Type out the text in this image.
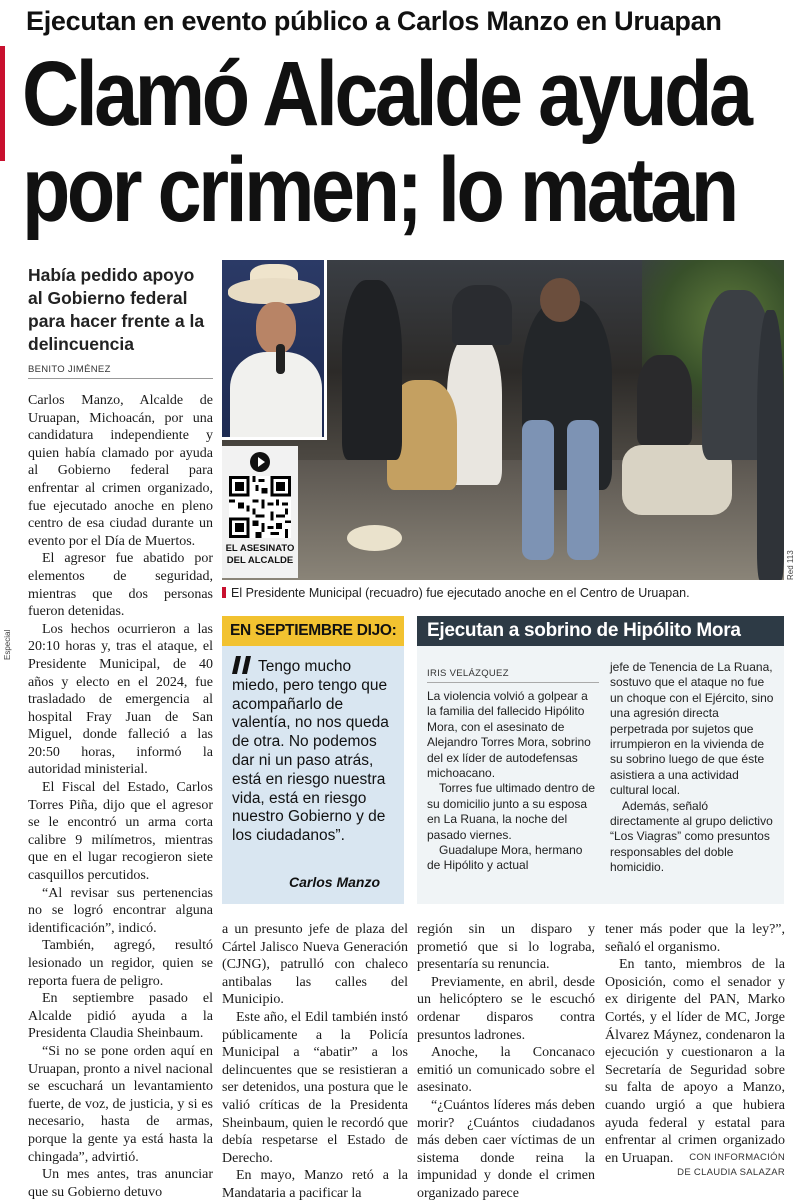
Ejecutan en evento público a Carlos Manzo en Uruapan
Clamó Alcalde ayuda
por crimen; lo matan
Había pedido apoyo al Gobierno federal para hacer frente a la delincuencia
BENITO JIMÉNEZ
Especial

Carlos Manzo, Alcalde de Uruapan, Michoacán, por una candidatura independiente y quien había clamado por ayuda al Gobierno federal para enfrentar al crimen organizado, fue ejecutado anoche en pleno centro de esa ciudad durante un evento por el Día de Muertos.

El agresor fue abatido por elementos de seguridad, mientras que dos personas fueron detenidas.

Los hechos ocurrieron a las 20:10 horas y, tras el ataque, el Presidente Municipal, de 40 años y electo en el 2024, fue trasladado de emergencia al hospital Fray Juan de San Miguel, donde falleció a las 20:50 horas, informó la autoridad ministerial.

El Fiscal del Estado, Carlos Torres Piña, dijo que el agresor se le encontró un arma corta calibre 9 milímetros, mientras que en el lugar recogieron siete casquillos percutidos.

“Al revisar sus pertenencias no se logró encontrar alguna identificación”, indicó.

También, agregó, resultó lesionado un regidor, quien se reporta fuera de peligro.

En septiembre pasado el Alcalde pidió ayuda a la Presidenta Claudia Sheinbaum.

“Si no se pone orden aquí en Uruapan, pronto a nivel nacional se escuchará un levantamiento fuerte, de voz, de justicia, y si es necesario, hasta de armas, porque la gente ya está hasta la chingada”, advirtió.

Un mes antes, tras anunciar que su Gobierno detuvo

EL ASESINATO DEL ALCALDE	Red 113
El Presidente Municipal (recuadro) fue ejecutado anoche en el Centro de Uruapan.
EN SEPTIEMBRE DIJO:
Tengo mucho miedo, pero tengo que acompañarlo de valentía, no nos queda de otra. No podemos dar ni un paso atrás, está en riesgo nuestra vida, está en riesgo nuestro Gobierno y de los ciudadanos”.
Carlos Manzo
Ejecutan a sobrino de Hipólito Mora
IRIS VELÁZQUEZ

La violencia volvió a golpear a la familia del fallecido Hipólito Mora, con el asesinato de Alejandro Torres Mora, sobrino del ex líder de autodefensas michoacano.

Torres fue ultimado dentro de su domicilio junto a su esposa en La Ruana, la noche del pasado viernes.

Guadalupe Mora, hermano de Hipólito y actual

jefe de Tenencia de La Ruana, sostuvo que el ataque no fue un choque con el Ejército, sino una agresión directa perpetrada por sujetos que irrumpieron en la vivienda de su sobrino luego de que éste asistiera a una actividad cultural local.

Además, señaló directamente al grupo delictivo “Los Viagras” como presuntos responsables del doble homicidio.

a un presunto jefe de plaza del Cártel Jalisco Nueva Generación (CJNG), patrulló con chaleco antibalas las calles del Municipio.

Este año, el Edil también instó públicamente a la Policía Municipal a “abatir” a los delincuentes que se resistieran a ser detenidos, una postura que le valió críticas de la Presidenta Sheinbaum, quien le recordó que debía respetarse el Estado de Derecho.

En mayo, Manzo retó a la Mandataria a pacificar la

región sin un disparo y prometió que si lo lograba, presentaría su renuncia.

Previamente, en abril, desde un helicóptero se le escuchó ordenar disparos contra presuntos ladrones.

Anoche, la Concanaco emitió un comunicado sobre el asesinato.

“¿Cuántos líderes más deben morir? ¿Cuántos ciudadanos más deben caer víctimas de un sistema donde reina la impunidad y donde el crimen organizado parece

tener más poder que la ley?”, señaló el organismo.

En tanto, miembros de la Oposición, como el senador y ex dirigente del PAN, Marko Cortés, y el líder de MC, Jorge Álvarez Máynez, condenaron la ejecución y cuestionaron a la Secretaría de Seguridad sobre su falta de apoyo a Manzo, cuando urgió a que hubiera ayuda federal y estatal para enfrentar al crimen organizado en Uruapan.	CON INFORMACIÓN
DE CLAUDIA SALAZAR
